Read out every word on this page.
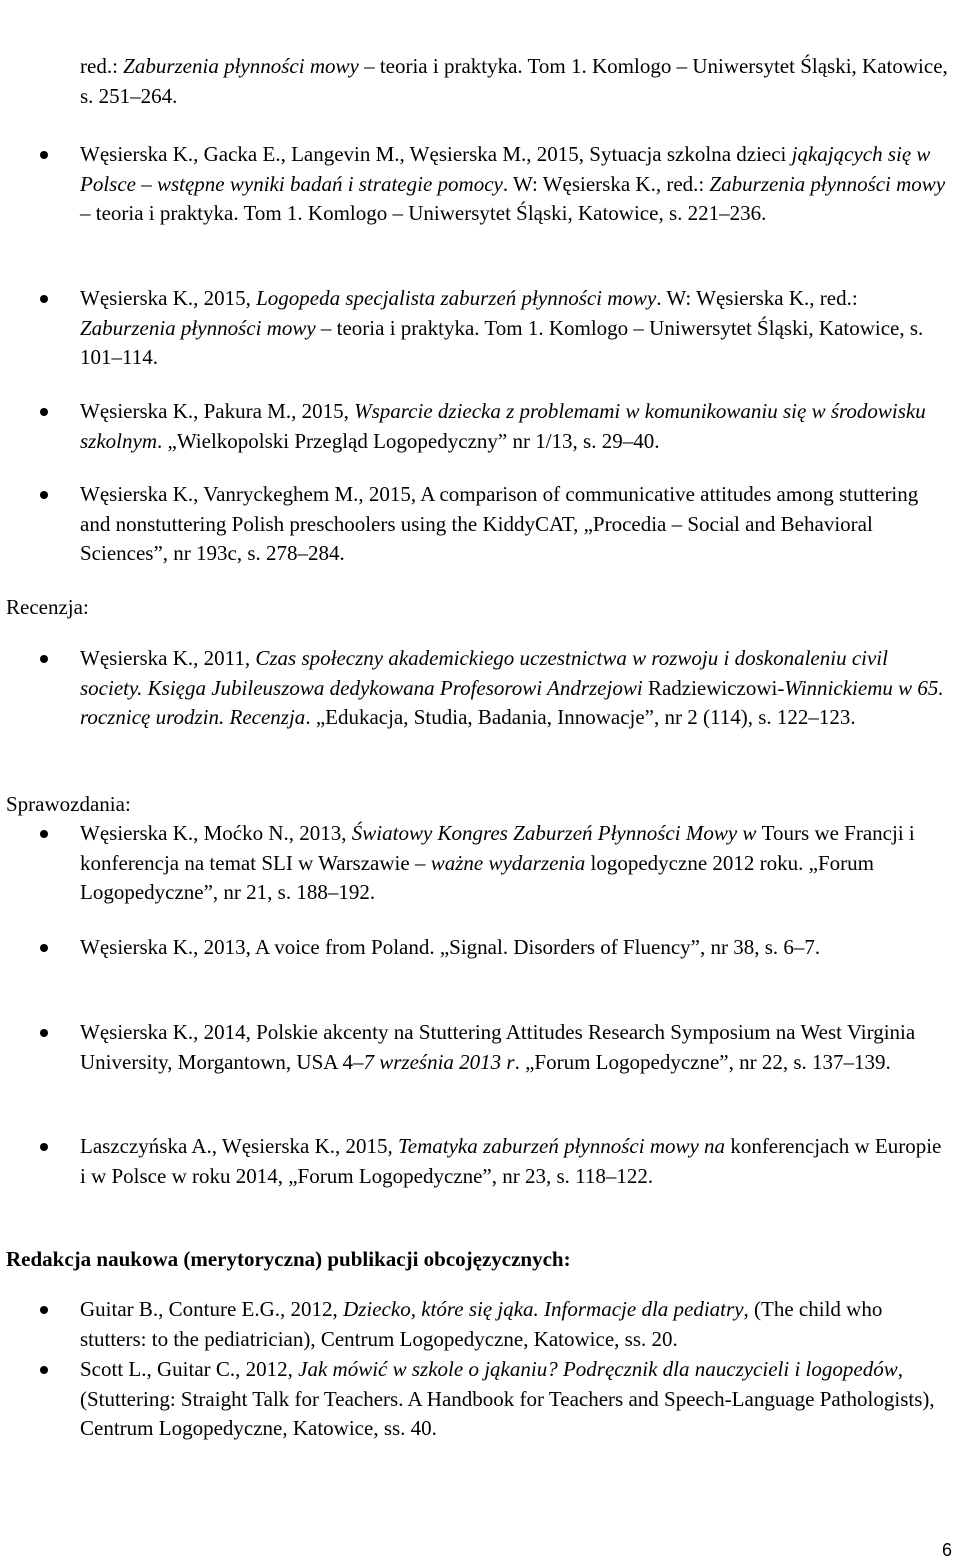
red.: Zaburzenia płynności mowy – teoria i praktyka. Tom 1. Komlogo – Uniwersytet Śląski, Katowice, s. 251–264.

Węsierska K., Gacka E., Langevin M., Węsierska M., 2015, Sytuacja szkolna dzieci jąkających się w Polsce – wstępne wyniki badań i strategie pomocy. W: Węsierska K., red.: Zaburzenia płynności mowy – teoria i praktyka. Tom 1. Komlogo – Uniwersytet Śląski, Katowice, s. 221–236.
Węsierska K., 2015, Logopeda specjalista zaburzeń płynności mowy. W: Węsierska K., red.: Zaburzenia płynności mowy – teoria i praktyka. Tom 1. Komlogo – Uniwersytet Śląski, Katowice, s. 101–114.
Węsierska K., Pakura M., 2015, Wsparcie dziecka z problemami w komunikowaniu się w środowisku szkolnym. „Wielkopolski Przegląd Logopedyczny” nr 1/13, s. 29–40.
Węsierska K., Vanryckeghem M., 2015, A comparison of communicative attitudes among stuttering and nonstuttering Polish preschoolers using the KiddyCAT, „Procedia – Social and Behavioral Sciences”, nr 193c, s. 278–284.
Recenzja:
Węsierska K., 2011, Czas społeczny akademickiego uczestnictwa w rozwoju i doskonaleniu civil society. Księga Jubileuszowa dedykowana Profesorowi Andrzejowi Radziewiczowi-Winnickiemu w 65. rocznicę urodzin. Recenzja. „Edukacja, Studia, Badania, Innowacje”, nr 2 (114), s. 122–123.
Sprawozdania:
Węsierska K., Moćko N., 2013, Światowy Kongres Zaburzeń Płynności Mowy w Tours we Francji i konferencja na temat SLI w Warszawie – ważne wydarzenia logopedyczne 2012 roku. „Forum Logopedyczne”, nr 21, s. 188–192.
Węsierska K., 2013, A voice from Poland. „Signal. Disorders of Fluency”, nr 38, s. 6–7.
Węsierska K., 2014, Polskie akcenty na Stuttering Attitudes Research Symposium na West Virginia University, Morgantown, USA 4–7 września 2013 r. „Forum Logopedyczne”, nr 22, s. 137–139.
Laszczyńska A., Węsierska K., 2015, Tematyka zaburzeń płynności mowy na konferencjach w Europie i w Polsce w roku 2014, „Forum Logopedyczne”, nr 23, s. 118–122.
Redakcja naukowa (merytoryczna) publikacji obcojęzycznych:
Guitar B., Conture E.G., 2012, Dziecko, które się jąka. Informacje dla pediatry, (The child who stutters: to the pediatrician), Centrum Logopedyczne, Katowice, ss. 20.
Scott L., Guitar C., 2012, Jak mówić w szkole o jąkaniu? Podręcznik dla nauczycieli i logopedów, (Stuttering: Straight Talk for Teachers. A Handbook for Teachers and Speech-Language Pathologists), Centrum Logopedyczne, Katowice, ss. 40.
6
